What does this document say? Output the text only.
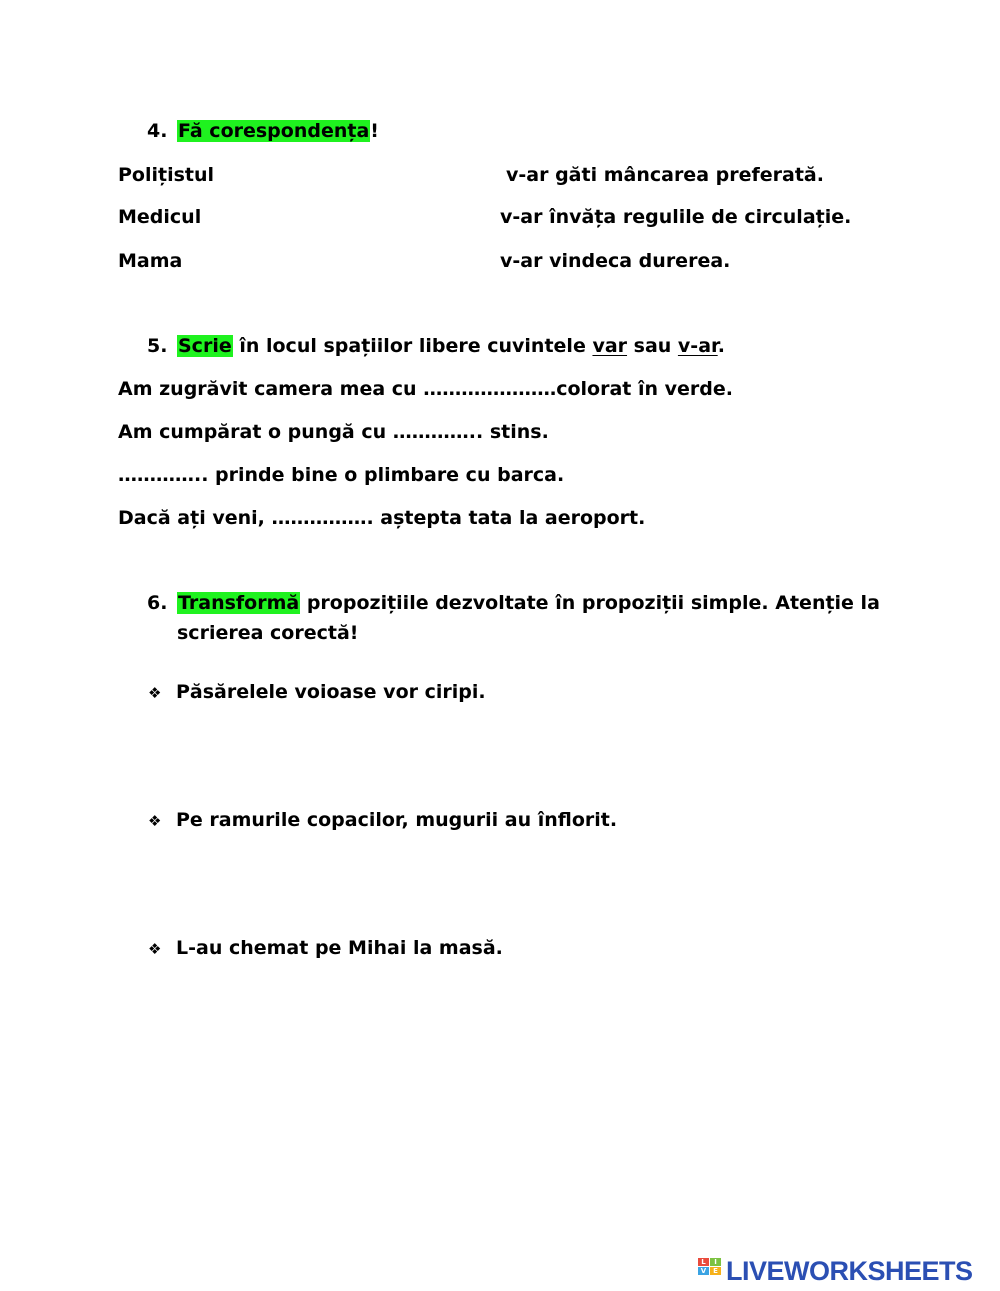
4. Fă corespondența!
Polițistul	v-ar găti mâncarea preferată.
Medicul	v-ar învăța regulile de circulație.
Mama	v-ar vindeca durerea.
5. Scrie în locul spațiilor libere cuvintele var sau v-ar.
Am zugrăvit camera mea cu …………………colorat în verde.
Am cumpărat o pungă cu ………….. stins.
………….. prinde bine o plimbare cu barca.
Dacă ați veni, ……………. aștepta tata la aeroport.
6. Transformă propozițiile dezvoltate în propoziții simple. Atenție la
scrierea corectă!
❖ Păsărelele voioase vor ciripi.
❖ Pe ramurile copacilor, mugurii au înflorit.
❖ L-au chemat pe Mihai la masă.
L	I
V E LIVEWORKSHEETS
